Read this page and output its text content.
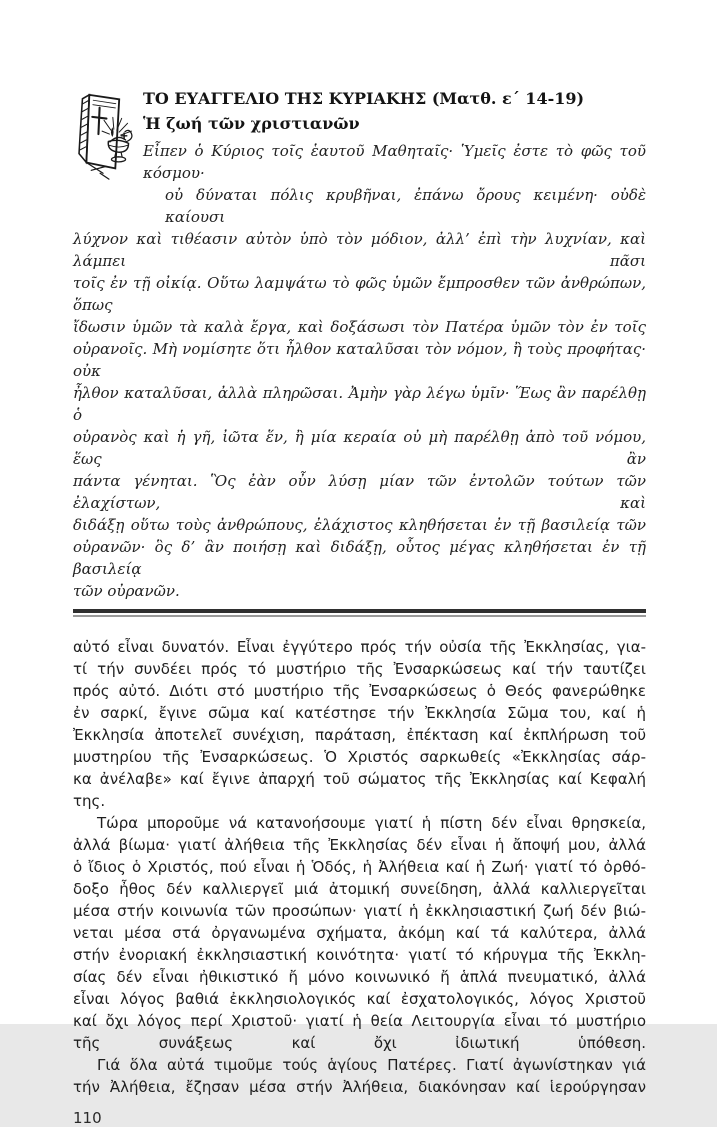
ΤΟ ΕΥΑΓΓΕΛΙΟ ΤΗΣ ΚΥΡΙΑΚΗΣ (Ματθ. ε´ 14-19)
Ἡ ζωή τῶν χριστιανῶν
Εἶπεν ὁ Κύριος τοῖς ἑαυτοῦ Μαθηταῖς· Ὑμεῖς ἐστε τὸ φῶς τοῦ κόσμου·
οὐ δύναται πόλις κρυβῆναι, ἐπάνω ὄρους κειμένη· οὐδὲ καίουσι
λύχνον καὶ τιθέασιν αὐτὸν ὑπὸ τὸν μόδιον, ἀλλ’ ἐπὶ τὴν λυχνίαν, καὶ λάμπει πᾶσι
τοῖς ἐν τῇ οἰκίᾳ. Οὕτω λαμψάτω τὸ φῶς ὑμῶν ἔμπροσθεν τῶν ἀνθρώπων, ὅπως
ἴδωσιν ὑμῶν τὰ καλὰ ἔργα, καὶ δοξάσωσι τὸν Πατέρα ὑμῶν τὸν ἐν τοῖς
οὐρανοῖς. Μὴ νομίσητε ὅτι ἦλθον καταλῦσαι τὸν νόμον, ἢ τοὺς προφήτας· οὐκ
ἦλθον καταλῦσαι, ἀλλὰ πληρῶσαι. Ἀμὴν γὰρ λέγω ὑμῖν· Ἕως ἂν παρέλθῃ ὁ
οὐρανὸς καὶ ἡ γῆ, ἰῶτα ἕν, ἢ μία κεραία οὐ μὴ παρέλθῃ ἀπὸ τοῦ νόμου, ἕως ἂν
πάντα γένηται. Ὃς ἐὰν οὖν λύσῃ μίαν τῶν ἐντολῶν τούτων τῶν ἐλαχίστων, καὶ
διδάξῃ οὕτω τοὺς ἀνθρώπους, ἐλάχιστος κληθήσεται ἐν τῇ βασιλείᾳ τῶν
οὐρανῶν· ὃς δ’ ἂν ποιήσῃ καὶ διδάξῃ, οὗτος μέγας κληθήσεται ἐν τῇ βασιλείᾳ
τῶν οὐρανῶν.
αὐτό εἶναι δυνατόν. Εἶναι ἐγγύτερο πρός τήν οὐσία τῆς Ἐκκλησίας, για-
τί τήν συνδέει πρός τό μυστήριο τῆς Ἐνσαρκώσεως καί τήν ταυτίζει
πρός αὐτό. Διότι στό μυστήριο τῆς Ἐνσαρκώσεως ὁ Θεός φανερώθηκε
ἐν σαρκί, ἔγινε σῶμα καί κατέστησε τήν Ἐκκλησία Σῶμα του, καί ἡ
Ἐκκλησία ἀποτελεῖ συνέχιση, παράταση, ἐπέκταση καί ἐκπλήρωση τοῦ
μυστηρίου τῆς Ἐνσαρκώσεως. Ὁ Χριστός σαρκωθείς «Ἐκκλησίας σάρ-
κα ἀνέλαβε» καί ἔγινε ἀπαρχή τοῦ σώματος τῆς Ἐκκλησίας καί Κεφαλή
της.
Τώρα μποροῦμε νά κατανοήσουμε γιατί ἡ πίστη δέν εἶναι θρησκεία,
ἀλλά βίωμα· γιατί ἀλήθεια τῆς Ἐκκλησίας δέν εἶναι ἡ ἄποψή μου, ἀλλά
ὁ ἴδιος ὁ Χριστός, πού εἶναι ἡ Ὁδός, ἡ Ἀλήθεια καί ἡ Ζωή· γιατί τό ὀρθό-
δοξο ἦθος δέν καλλιεργεῖ μιά ἀτομική συνείδηση, ἀλλά καλλιεργεῖται
μέσα στήν κοινωνία τῶν προσώπων· γιατί ἡ ἐκκλησιαστική ζωή δέν βιώ-
νεται μέσα στά ὀργανωμένα σχήματα, ἀκόμη καί τά καλύτερα, ἀλλά
στήν ἐνοριακή ἐκκλησιαστική κοινότητα· γιατί τό κήρυγμα τῆς Ἐκκλη-
σίας δέν εἶναι ἠθικιστικό ἤ μόνο κοινωνικό ἤ ἁπλά πνευματικό, ἀλλά
εἶναι λόγος βαθιά ἐκκλησιολογικός καί ἐσχατολογικός, λόγος Χριστοῦ
καί ὄχι λόγος περί Χριστοῦ· γιατί ἡ θεία Λειτουργία εἶναι τό μυστήριο
τῆς συνάξεως καί ὄχι ἰδιωτική ὑπόθεση.
Γιά ὅλα αὐτά τιμοῦμε τούς ἁγίους Πατέρες. Γιατί ἀγωνίστηκαν γιά
τήν Ἀλήθεια, ἔζησαν μέσα στήν Ἀλήθεια, διακόνησαν καί ἱερούργησαν
110
